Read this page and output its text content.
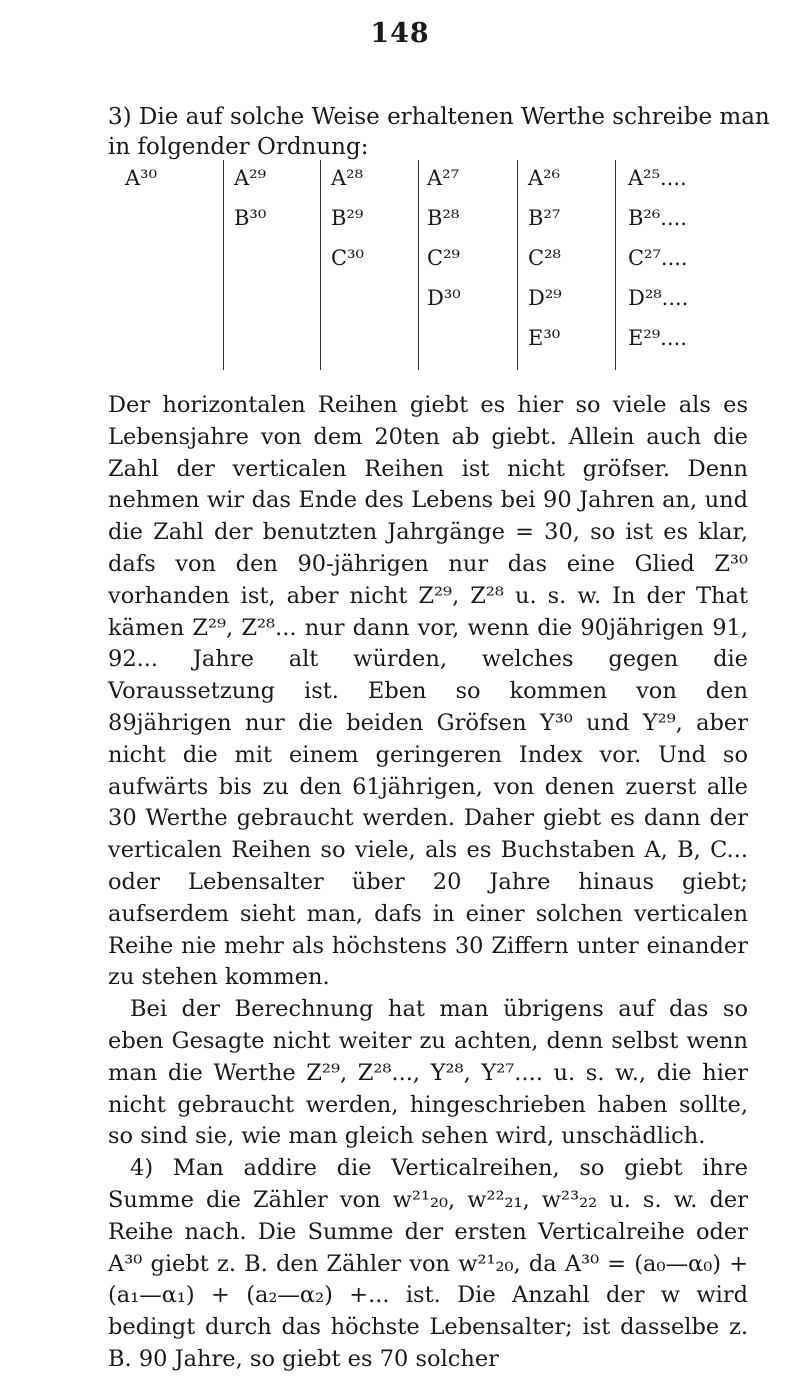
148

3) Die auf solche Weise erhaltenen Werthe schreibe man

in folgender Ordnung:

A³⁰	A²⁹
B³⁰
A²⁸
B²⁹
C³⁰
A²⁷
B²⁸
C²⁹
D³⁰
A²⁶
B²⁷
C²⁸
D²⁹
E³⁰
A²⁵....
B²⁶....
C²⁷....
D²⁸....
E²⁹....

Der horizontalen Reihen giebt es hier so viele als es Lebensjahre von dem 20ten ab giebt. Allein auch die Zahl der verticalen Reihen ist nicht gröfser. Denn nehmen wir das Ende des Lebens bei 90 Jahren an, und die Zahl der benutzten Jahrgänge = 30, so ist es klar, dafs von den 90-jährigen nur das eine Glied Z³⁰ vorhanden ist, aber nicht Z²⁹, Z²⁸ u. s. w. In der That kämen Z²⁹, Z²⁸... nur dann vor, wenn die 90jährigen 91, 92... Jahre alt würden, welches gegen die Voraussetzung ist. Eben so kommen von den 89jährigen nur die beiden Gröfsen Y³⁰ und Y²⁹, aber nicht die mit einem geringeren Index vor. Und so aufwärts bis zu den 61jährigen, von denen zuerst alle 30 Werthe gebraucht werden. Daher giebt es dann der verticalen Reihen so viele, als es Buchstaben A, B, C... oder Lebensalter über 20 Jahre hinaus giebt; aufserdem sieht man, dafs in einer solchen verticalen Reihe nie mehr als höchstens 30 Ziffern unter einander zu stehen kommen.

Bei der Berechnung hat man übrigens auf das so eben Gesagte nicht weiter zu achten, denn selbst wenn man die Werthe Z²⁹, Z²⁸..., Y²⁸, Y²⁷.... u. s. w., die hier nicht gebraucht werden, hingeschrieben haben sollte, so sind sie, wie man gleich sehen wird, unschädlich.

4) Man addire die Verticalreihen, so giebt ihre Summe die Zähler von w²¹₂₀, w²²₂₁, w²³₂₂ u. s. w. der Reihe nach. Die Summe der ersten Verticalreihe oder A³⁰ giebt z. B. den Zähler von w²¹₂₀, da A³⁰ = (a₀—α₀) + (a₁—α₁) + (a₂—α₂) +... ist. Die Anzahl der w wird bedingt durch das höchste Lebensalter; ist dasselbe z. B. 90 Jahre, so giebt es 70 solcher
